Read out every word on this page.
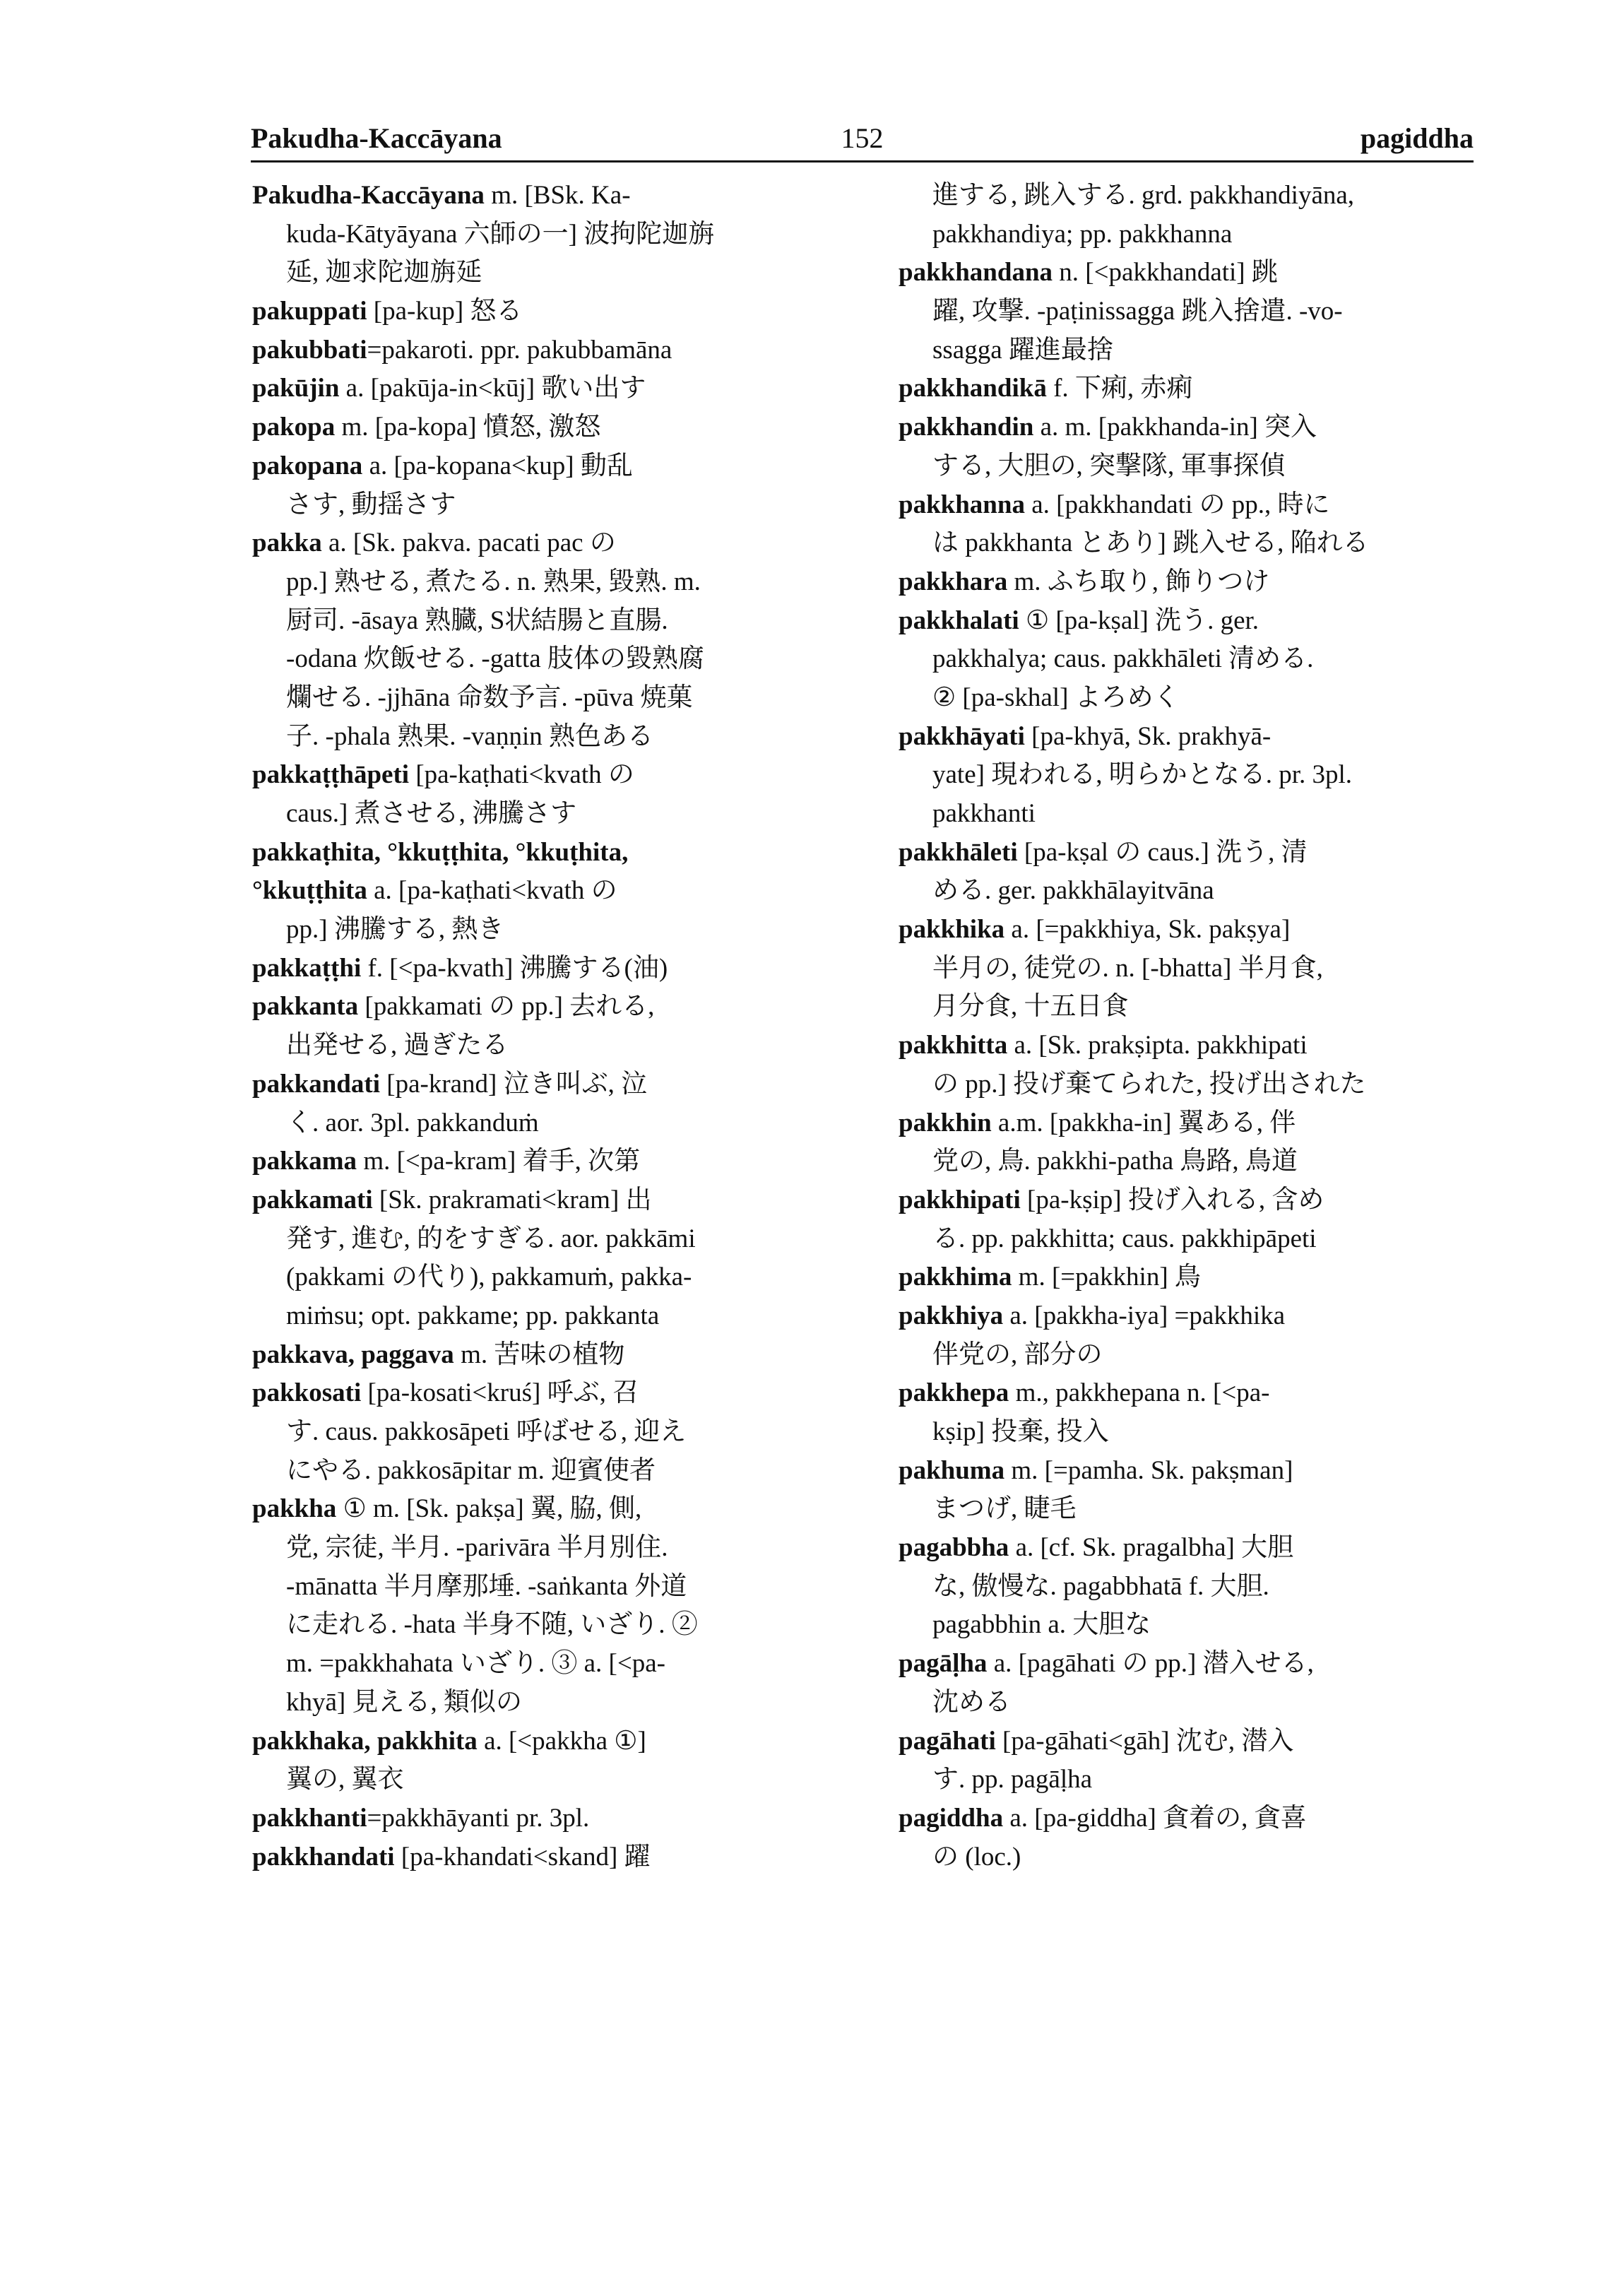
Pakudha-Kaccāyana	152	pagiddha
Pakudha-Kaccāyana m. [BSk. Ka-
kuda-Kātyāyana 六師の一] 波拘陀迦旃
延, 迦求陀迦旃延
pakuppati [pa-kup] 怒る
pakubbati=pakaroti. ppr. pakubbamāna
pakūjin a. [pakūja-in<kūj] 歌い出す
pakopa m. [pa-kopa] 憤怒, 激怒
pakopana a. [pa-kopana<kup] 動乱
さす, 動揺さす
pakka a. [Sk. pakva. pacati pac の
pp.] 熟せる, 煮たる. n. 熟果, 毀熟. m.
厨司. -āsaya 熟臓, S状結腸と直腸.
-odana 炊飯せる. -gatta 肢体の毀熟腐
爛せる. -jjhāna 命数予言. -pūva 焼菓
子. -phala 熟果. -vaṇṇin 熟色ある
pakkaṭṭhāpeti [pa-kaṭhati<kvath の
caus.] 煮させる, 沸騰さす
pakkaṭhita, °kkuṭṭhita, °kkuṭhita,
°kkuṭṭhita a. [pa-kaṭhati<kvath の
pp.] 沸騰する, 熱き
pakkaṭṭhi f. [<pa-kvath] 沸騰する(油)
pakkanta [pakkamati の pp.] 去れる,
出発せる, 過ぎたる
pakkandati [pa-krand] 泣き叫ぶ, 泣
く. aor. 3pl. pakkanduṁ
pakkama m. [<pa-kram] 着手, 次第
pakkamati [Sk. prakramati<kram] 出
発す, 進む, 的をすぎる. aor. pakkāmi
(pakkami の代り), pakkamuṁ, pakka-
miṁsu; opt. pakkame; pp. pakkanta
pakkava, paggava m. 苦味の植物
pakkosati [pa-kosati<kruś] 呼ぶ, 召
す. caus. pakkosāpeti 呼ばせる, 迎え
にやる. pakkosāpitar m. 迎賓使者
pakkha ① m. [Sk. pakṣa] 翼, 脇, 側,
党, 宗徒, 半月. -parivāra 半月別住.
-mānatta 半月摩那埵. -saṅkanta 外道
に走れる. -hata 半身不随, いざり. ②
m. =pakkhahata いざり. ③ a. [<pa-
khyā] 見える, 類似の
pakkhaka, pakkhita a. [<pakkha ①]
翼の, 翼衣
pakkhanti=pakkhāyanti pr. 3pl.
pakkhandati [pa-khandati<skand] 躍
進する, 跳入する. grd. pakkhandiyāna,
pakkhandiya; pp. pakkhanna
pakkhandana n. [<pakkhandati] 跳
躍, 攻撃. -paṭinissagga 跳入捨遣. -vo-
ssagga 躍進最捨
pakkhandikā f. 下痢, 赤痢
pakkhandin a. m. [pakkhanda-in] 突入
する, 大胆の, 突撃隊, 軍事探偵
pakkhanna a. [pakkhandati の pp., 時に
は pakkhanta とあり] 跳入せる, 陥れる
pakkhara m. ふち取り, 飾りつけ
pakkhalati ① [pa-kṣal] 洗う. ger.
pakkhalya; caus. pakkhāleti 清める.
② [pa-skhal] よろめく
pakkhāyati [pa-khyā, Sk. prakhyā-
yate] 現われる, 明らかとなる. pr. 3pl.
pakkhanti
pakkhāleti [pa-kṣal の caus.] 洗う, 清
める. ger. pakkhālayitvāna
pakkhika a. [=pakkhiya, Sk. pakṣya]
半月の, 徒党の. n. [-bhatta] 半月食,
月分食, 十五日食
pakkhitta a. [Sk. prakṣipta. pakkhipati
の pp.] 投げ棄てられた, 投げ出された
pakkhin a.m. [pakkha-in] 翼ある, 伴
党の, 鳥. pakkhi-patha 鳥路, 鳥道
pakkhipati [pa-kṣip] 投げ入れる, 含め
る. pp. pakkhitta; caus. pakkhipāpeti
pakkhima m. [=pakkhin] 鳥
pakkhiya a. [pakkha-iya] =pakkhika
伴党の, 部分の
pakkhepa m., pakkhepana n. [<pa-
kṣip] 投棄, 投入
pakhuma m. [=pamha. Sk. pakṣman]
まつげ, 睫毛
pagabbha a. [cf. Sk. pragalbha] 大胆
な, 傲慢な. pagabbhatā f. 大胆.
pagabbhin a. 大胆な
pagāḷha a. [pagāhati の pp.] 潜入せる,
沈める
pagāhati [pa-gāhati<gāh] 沈む, 潜入
す. pp. pagāḷha
pagiddha a. [pa-giddha] 貪着の, 貪喜
の (loc.)
